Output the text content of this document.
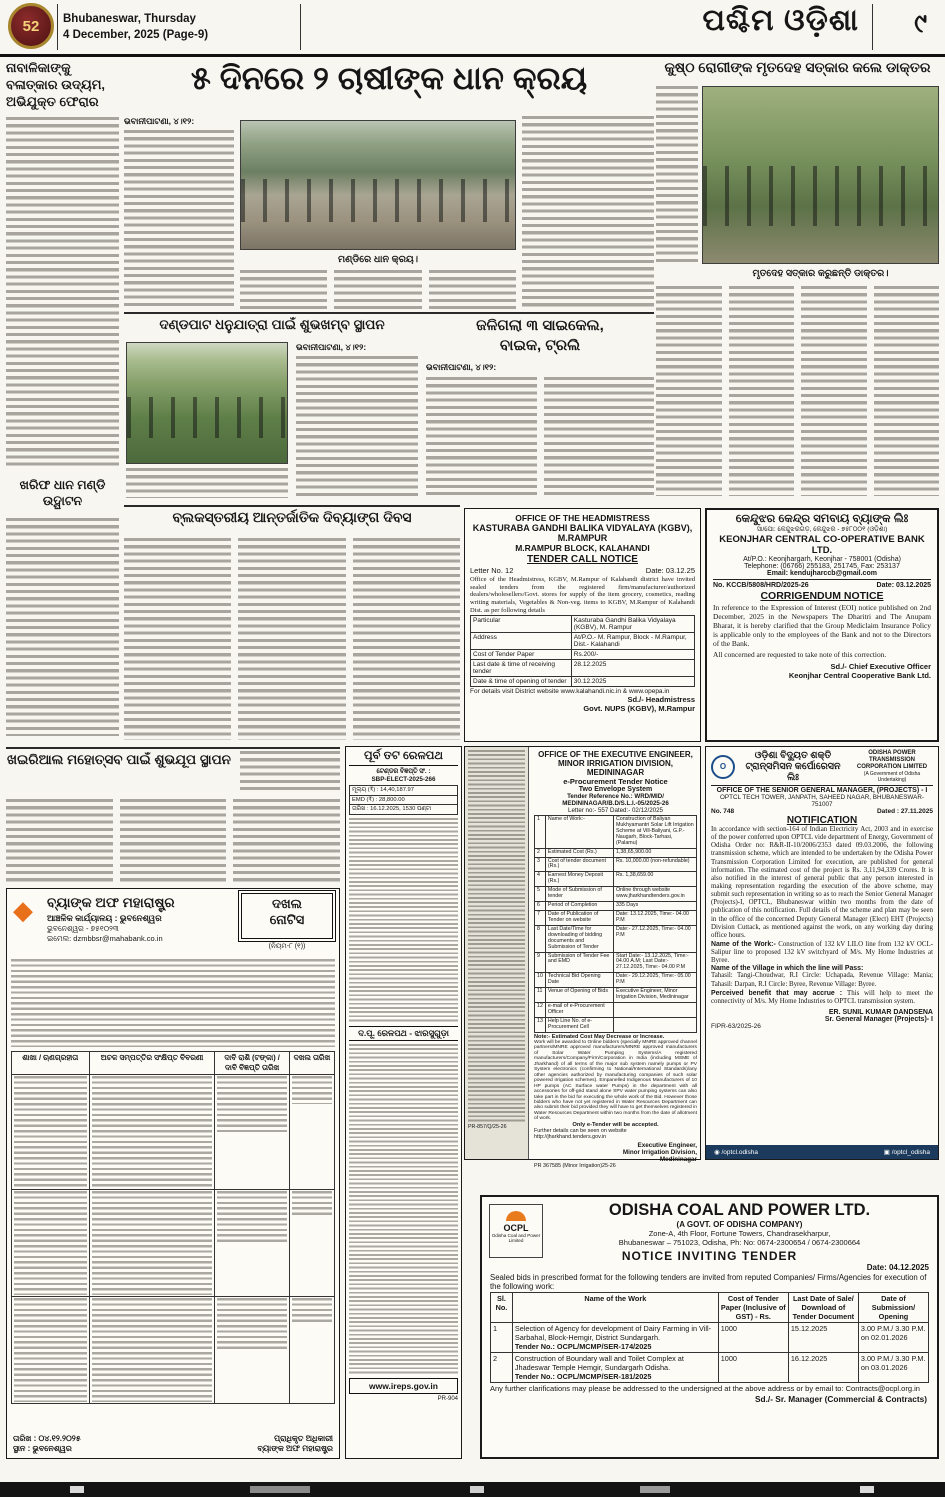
52 Bhubaneswar, Thursday
4 December, 2025 (Page-9)	ପଶ୍ଚିମ ଓଡ଼ିଶା ୯
ନାବାଳିକାଙ୍କୁ ବଳାତ୍କାର ଉଦ୍ୟମ, ଅଭିଯୁକ୍ତ ଫେରାର
ଖରିଫ ଧାନ ମଣ୍ଡି ଉଦ୍ଘାଟନ
୫ ଦିନରେ ୨ ଚାଷୀଙ୍କ ଧାନ କ୍ରୟ
ଭବାନୀପାଟଣା, ୪।୧୨:
ମଣ୍ଡିରେ ଧାନ କ୍ରୟ।
କୁଷ୍ଠ ରୋଗୀଙ୍କ ମୃତଦେହ ସତ୍କାର କଲେ ଡାକ୍ତର
ମୃତଦେହ ସତ୍କାର କରୁଛନ୍ତି ଡାକ୍ତର।
ଦଣ୍ଡପାଟ ଧନୁଯାତ୍ରା ପାଇଁ ଶୁଭଖମ୍ବ ସ୍ଥାପନ
ଭବାନୀପାଟଣା, ୪।୧୨:
ଜଳିଗଲା ୩ ସାଇକେଲ,
ବାଇକ, ଟ୍ରଲି
ଭବାନୀପାଟଣା, ୪।୧୨:
ବ୍ଲକସ୍ତରୀୟ ଆନ୍ତର୍ଜାତିକ ଦିବ୍ୟାଙ୍ଗ ଦିବସ	OFFICE OF THE HEADMISTRESS
KASTURABA GANDHI BALIKA VIDYALAYA (KGBV), M.RAMPUR
M.RAMPUR BLOCK, KALAHANDI
TENDER CALL NOTICE
Letter No. 12	Date: 03.12.25
Office of the Headmistress, KGBV, M.Rampur of Kalahandi district have invited sealed tenders from the registered firm/manufacturer/authorized dealers/wholesellers/Govt. stores for supply of the item grocery, cosmetics, reading writing materials, Vegetables & Non-veg. items to KGBV, M.Rampur of Kalahandi Dist. as per following details
Particular	Kasturaba Gandhi Balika Vidyalaya (KGBV), M. Rampur
Address	At/P.O.- M. Rampur, Block - M.Rampur, Dist.- Kalahandi
Cost of Tender Paper	Rs.200/-
Last date & time of receiving tender	28.12.2025
Date & time of opening of tender	30.12.2025
For details visit District website www.kalahandi.nic.in & www.opepa.in
Sd./- Headmistress
Govt. NUPS (KGBV), M.Rampur
କେନ୍ଦୁଝର କେନ୍ଦ୍ର ସମବାୟ ବ୍ୟାଙ୍କ ଲିଃ
ସା/ପୋ: କେନ୍ଦୁଝରଗଡ଼, କେନ୍ଦୁଝର - ୭୫୮୦୦୧ (ଓଡ଼ିଶା)
KEONJHAR CENTRAL CO-OPERATIVE BANK LTD.
At/P.O.: Keonjhargarh, Keonjhar - 758001 (Odisha)
Telephone: (06766) 255183, 251745, Fax: 253137
Email: kendujharccb@gmail.com
No. KCCB/5808/HRD/2025-26	Date: 03.12.2025
CORRIGENDUM NOTICE
In reference to the Expression of Interest (EOI) notice published on 2nd December, 2025 in the Newspapers The Dharitri and The Anupam Bharat, it is hereby clarified that the Group Mediclaim Insurance Policy is applicable only to the employees of the Bank and not to the Directors of the Bank.
All concerned are requested to take note of this correction.
Sd./- Chief Executive Officer
Keonjhar Central Cooperative Bank Ltd.
ଖଇରିଆଲ ମହୋତ୍ସବ ପାଇଁ ଶୁଭଯୂପ ସ୍ଥାପନ
◆ ବ୍ୟାଙ୍କ ଅଫ ମହାରାଷ୍ଟ୍ର
ଆଞ୍ଚଳିକ କାର୍ଯ୍ୟାଳୟ : ଭୁବନେଶ୍ୱର
ଭୁବନେଶ୍ୱର - ୭୫୧୦୨୩
ଇମେଲ: dzmbbsr@mahabank.co.in
ଦଖଲ
ନୋଟିସ
(ନିୟମ-୮ (୧))
ଶାଖା / ଋଣଗ୍ରହୀତା	ଅଚଳ ସମ୍ପତ୍ତିର ସଂକ୍ଷିପ୍ତ ବିବରଣୀ	ଦାବି ରାଶି (ଟଙ୍କା) / ଦାବି ବିଜ୍ଞପ୍ତି ତାରିଖ	ଦଖଲ ତାରିଖ

ତାରିଖ : ୦୪.୧୨.୨୦୨୫
ସ୍ଥାନ : ଭୁବନେଶ୍ୱର
ପ୍ରାଧିକୃତ ଅଧିକାରୀ
ବ୍ୟାଙ୍କ ଅଫ ମହାରାଷ୍ଟ୍ର
ପୂର୍ବ ତଟ ରେଳପଥ
ଟେଣ୍ଡର ବିଜ୍ଞପ୍ତି ସଂ. :
SBP-ELECT-2025-266
ମୂଲ୍ୟ (₹) : 14,40,187.97
EMD (₹) : 28,800.00
ତାରିଖ : 16.12.2025, 1530 ଘଣ୍ଟା
ଦ.ପୂ. ରେଳପଥ - ଝାରସୁଗୁଡ଼ା
www.ireps.gov.in
PR-904
PR-857/Q/25-26
OFFICE OF THE EXECUTIVE ENGINEER,
MINOR IRRIGATION DIVISION,
MEDININAGAR
e-Procurement Tender Notice
Two Envelope System
Tender Reference No.: WRD/MID/
MEDININAGAR/B.D/S.L.I.-05/2025-26
Letter no:- 557 Dated:- 02/12/2025
1	Name of Work:-	Construction of Baliyan Mukhyamantri Solar Lift Irrigation Scheme at Vill-Baliyani, G.P.-Naugarh, Block-Tarhasi, (Palamu)
2	Estimated Cost (Rs.)	1,38,65,900.00
3	Cost of tender document (Rs.)	Rs. 10,000.00 (non-refundable)
4	Earnest Money Deposit (Rs.)	Rs. 1,38,659.00
5	Mode of Submission of tender	Online through website www.jharkhandtenders.gov.in
6	Period of Completion	335 Days
7	Date of Publication of Tender on website	Date: 13.12.2025, Time:- 04.00 P.M
8	Last Date/Time for downloading of bidding documents and Submission of Tender	Date:- 27.12.2025, Time:- 04.00 P.M
9	Submission of Tender Fee and EMD	Start Date:- 13.12.2025, Time:- 04.00 A.M; Last Date:- 27.12.2025, Time:- 04.00 P.M
10	Technical Bid Opening Date	Date:- 29.12.2025, Time:- 05.00 P.M
11	Venue of Opening of Bids	Executive Engineer, Minor Irrigation Division, Medininagar
12	e-mail of e-Procurement Officer	
13	Help Line No. of e-Procurement Cell	
Note:- Estimated Cost May Decrease or Increase.
Work will be awarded to Online bidders (specially MNRE approved channel partners/MNRE approved manufacturers/MNRE approved manufacturers of Solar Water Pumping Systems/A registered manufacturers/Company/Firm/Corporation in India (including MSME of Jharkhand) of all terms of the major sub system namely pumps or PV System electronics (confirming to National/International Standards)/any other agencies authorized by manufacturing companies of such solar powered irrigation schemes). Empanelled Indigenous Manufacturers of 10 HP pumps (AC Surface water Pumps) in the department with all accessories for off-grid stand alone SPV water pumping systems can also take part in the bid for executing the whole work of the Bid. However those bidders who have not yet registered in Water Resources Department can also submit their bid provided they will have to get themselves registered in Water Resources Department within two months from the date of allotment of work.
Only e-Tender will be accepted.
Further details can be seen on website http://jharkhand.tenders.gov.in
Executive Engineer,
Minor Irrigation Division,
Medininagar
PR 367585 (Minor Irrigation)25-26
O
ଓଡ଼ିଶା ବିଦ୍ୟୁତ ଶକ୍ତି
ଟ୍ରାନ୍ସମିସନ କର୍ପୋରେସନ ଲିଃ
ODISHA POWER TRANSMISSION CORPORATION LIMITED
(A Government of Odisha Undertaking)
OFFICE OF THE SENIOR GENERAL MANAGER, (PROJECTS) - I
OPTCL TECH TOWER, JANPATH, SAHEED NAGAR, BHUBANESWAR-751007
No. 748	Dated : 27.11.2025
NOTIFICATION
In accordance with section-164 of Indian Electricity Act, 2003 and in exercise of the power conferred upon OPTCL vide department of Energy, Government of Odisha Order no: R&R-II-10/2006/2353 dated 09.03.2006, the following transmission scheme, which are intended to be undertaken by the Odisha Power Transmission Corporation Limited for execution, are published for general information. The estimated cost of the project is Rs. 3,11,94,339 Crores. It is also notified in the interest of general public that any person interested in making representation regarding the execution of the above scheme, may submit such representation in writing so as to reach the Senior General Manager (Projects)-I, OPTCL, Bhubaneswar within two months from the date of publication of this notification. Full details of the scheme and plan may be seen in the office of the concerned Deputy General Manager (Elect) EHT (Projects) Division Cuttack, as mentioned against the work, on any working day during office hours.
Name of the Work:- Construction of 132 kV LILO line from 132 kV OCL-Salipur line to proposed 132 kV switchyard of M/s. My Home Industries at Byree.
Name of the Village in which the line will Pass:
Tahasil: Tangi-Choudwar, R.I Circle: Uchapada, Revenue Village: Mania; Tahasil: Darpan, R.I Circle: Byree, Revenue Village: Byree.
Perceived benefit that may accrue : This will help to meet the connectivity of M/s. My Home Industries to OPTCL transmission system.
ER. SUNIL KUMAR DANDSENA
Sr. General Manager (Projects)- I
FIPR-63/2025-26
◉ /optcl.odisha	▣ /optcl_odisha
OCPL
Odisha Coal and Power Limited
ODISHA COAL AND POWER LTD.
(A GOVT. OF ODISHA COMPANY)
Zone-A, 4th Floor, Fortune Towers, Chandrasekharpur,
Bhubaneswar – 751023, Odisha, Ph: No: 0674-2300654 / 0674-2300664
NOTICE INVITING TENDER
Date: 04.12.2025
Sealed bids in prescribed format for the following tenders are invited from reputed Companies/ Firms/Agencies for execution of the following work:
Sl. No.	Name of the Work	Cost of Tender Paper (Inclusive of GST) - Rs.	Last Date of Sale/ Download of Tender Document	Date of Submission/ Opening
1	Selection of Agency for development of Dairy Farming in Vill-Sarbahal, Block-Hemgir, District Sundargarh.
Tender No.: OCPL/MCMP/SER-174/2025	1000	15.12.2025	3.00 P.M./ 3.30 P.M. on 02.01.2026
2	Construction of Boundary wall and Toilet Complex at Jhadeswar Temple Hemgir, Sundargarh Odisha.
Tender No.: OCPL/MCMP/SER-181/2025	1000	16.12.2025	3.00 P.M./ 3.30 P.M. on 03.01.2026
Any further clarifications may please be addressed to the undersigned at the above address or by email to: Contracts@ocpl.org.in
Sd./- Sr. Manager (Commercial & Contracts)
